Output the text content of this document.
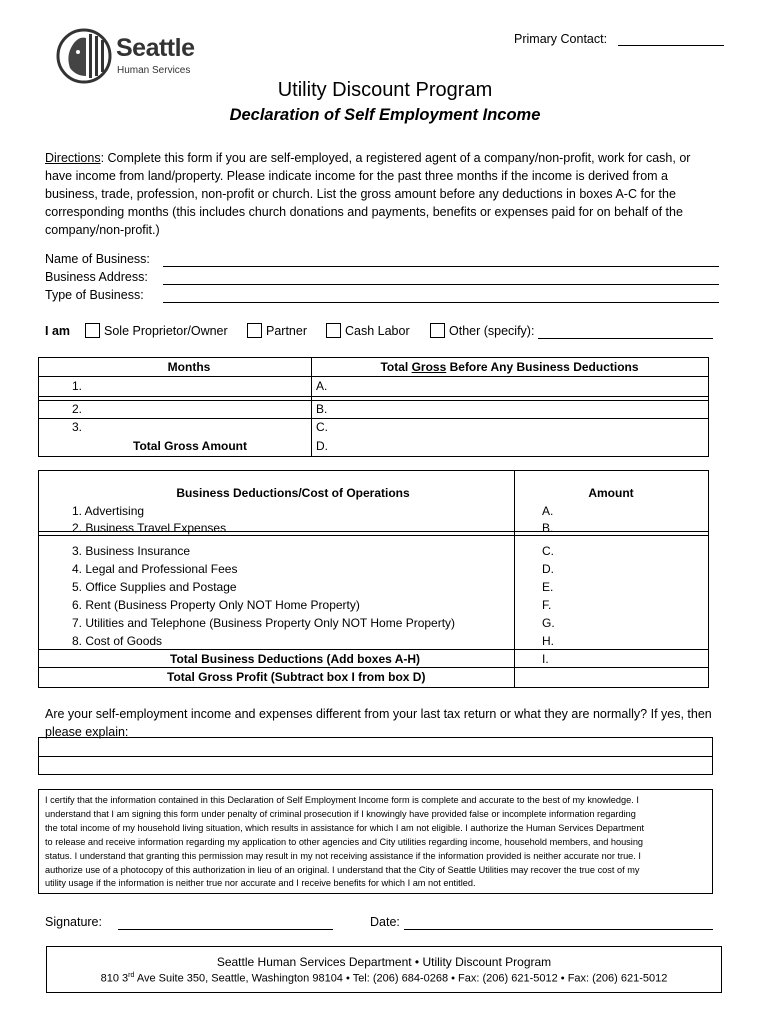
Primary Contact:
Seattle
Human Services
Utility Discount Program
Declaration of Self Employment Income
Directions: Complete this form if you are self-employed, a registered agent of a company/non-profit, work for cash, or
have income from land/property. Please indicate income for the past three months if the income is derived from a
business, trade, profession, non-profit or church. List the gross amount before any deductions in boxes A-C for the
corresponding months (this includes church donations and payments, benefits or expenses paid for on behalf of the
company/non-profit.)
Name of Business:
Business Address:
Type of Business:
I am	Sole Proprietor/Owner	Partner	Cash Labor	Other (specify):
Months	Total Gross Before Any Business Deductions
1.	A.
2.	B.
3.	C.
Total Gross Amount	D.
Business Deductions/Cost of Operations	Amount
1. Advertising	A.
2. Business Travel Expenses	B.
3. Business Insurance	C.
4. Legal and Professional Fees	D.
5. Office Supplies and Postage	E.
6. Rent (Business Property Only NOT Home Property)	F.
7. Utilities and Telephone (Business Property Only NOT Home Property)	G.
8. Cost of Goods	H.
Total Business Deductions (Add boxes A-H)	I.
Total Gross Profit (Subtract box I from box D)
Are your self-employment income and expenses different from your last tax return or what they are normally? If yes, then
please explain:
I certify that the information contained in this Declaration of Self Employment Income form is complete and accurate to the best of my knowledge. I
understand that I am signing this form under penalty of criminal prosecution if I knowingly have provided false or incomplete information regarding
the total income of my household living situation, which results in assistance for which I am not eligible. I authorize the Human Services Department
to release and receive information regarding my application to other agencies and City utilities regarding income, household members, and housing
status. I understand that granting this permission may result in my not receiving assistance if the information provided is neither accurate nor true. I
authorize use of a photocopy of this authorization in lieu of an original. I understand that the City of Seattle Utilities may recover the true cost of my
utility usage if the information is neither true nor accurate and I receive benefits for which I am not entitled.
Signature:	Date:
Seattle Human Services Department • Utility Discount Program
810 3rd Ave Suite 350, Seattle, Washington 98104 • Tel: (206) 684-0268 • Fax: (206) 621-5012 • Fax: (206) 621-5012
